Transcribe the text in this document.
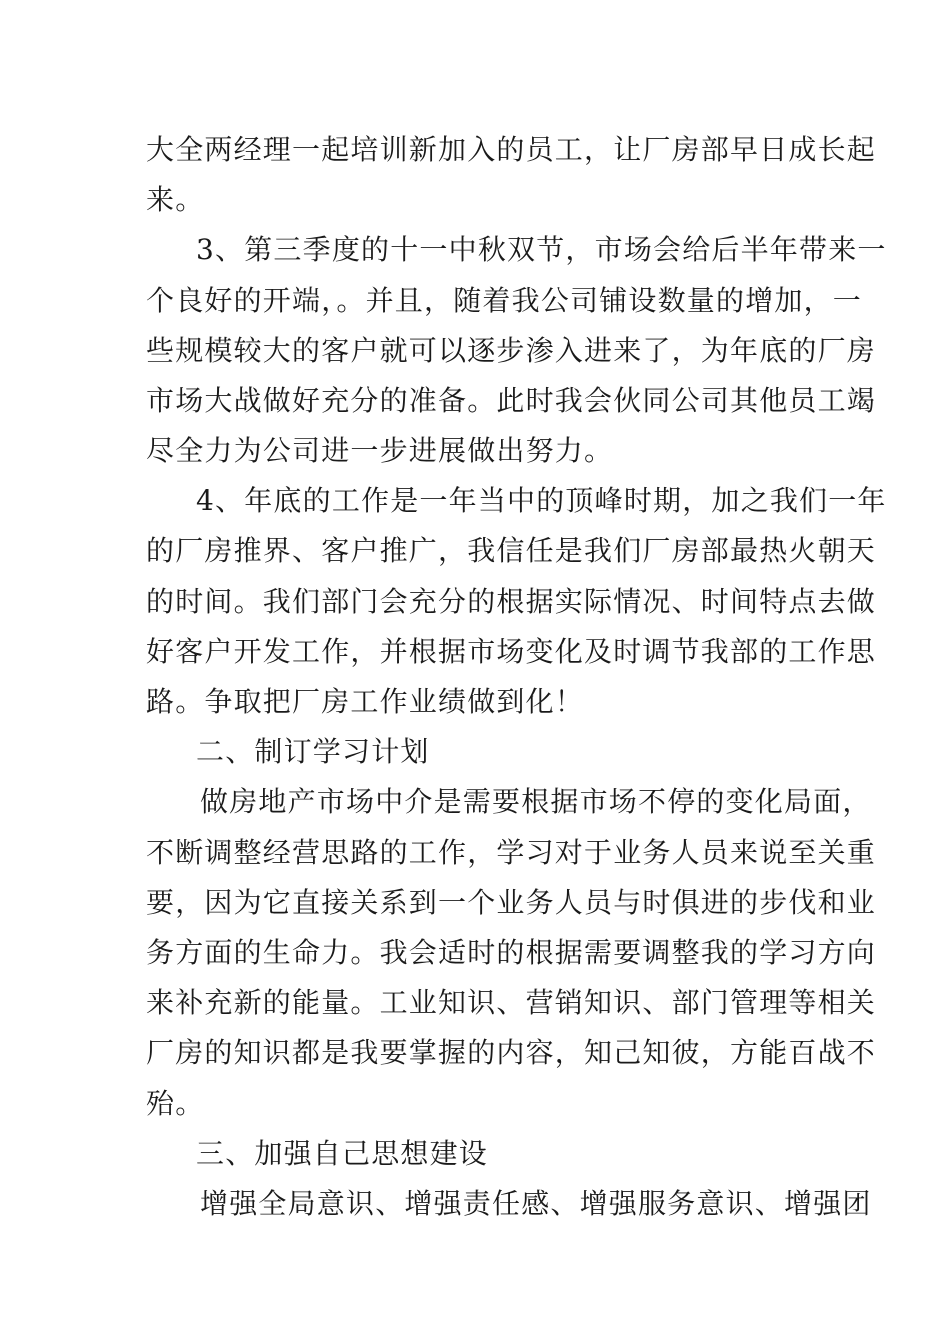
大全两经理一起培训新加入的员工，让厂房部早日成长起

来。

3、第三季度的十一中秋双节，市场会给后半年带来一

个良好的开端，。并且，随着我公司铺设数量的增加，一

些规模较大的客户就可以逐步渗入进来了，为年底的厂房

市场大战做好充分的准备。此时我会伙同公司其他员工竭

尽全力为公司进一步进展做出努力。

4、年底的工作是一年当中的顶峰时期，加之我们一年

的厂房推界、客户推广，我信任是我们厂房部最热火朝天

的时间。我们部门会充分的根据实际情况、时间特点去做

好客户开发工作，并根据市场变化及时调节我部的工作思

路。争取把厂房工作业绩做到化！

二、制订学习计划

做房地产市场中介是需要根据市场不停的变化局面，

不断调整经营思路的工作，学习对于业务人员来说至关重

要，因为它直接关系到一个业务人员与时俱进的步伐和业

务方面的生命力。我会适时的根据需要调整我的学习方向

来补充新的能量。工业知识、营销知识、部门管理等相关

厂房的知识都是我要掌握的内容，知己知彼，方能百战不

殆。

三、加强自己思想建设

增强全局意识、增强责任感、增强服务意识、增强团
